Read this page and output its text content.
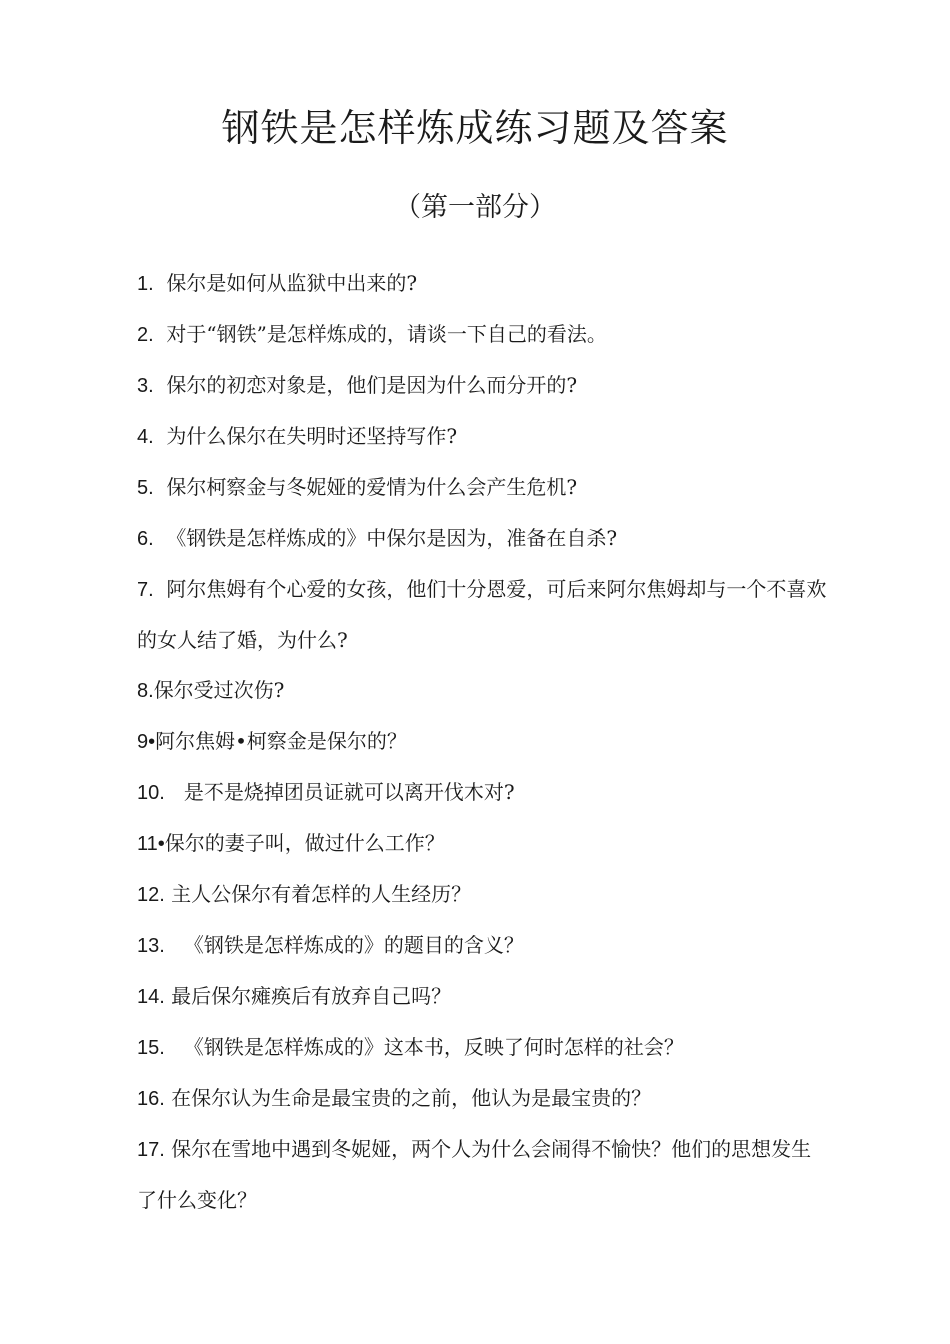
钢铁是怎样炼成练习题及答案
（第一部分）
1. 保尔是如何从监狱中出来的?
2. 对于“钢铁”是怎样炼成的，请谈一下自己的看法。
3. 保尔的初恋对象是，他们是因为什么而分开的?
4. 为什么保尔在失明时还坚持写作?
5. 保尔柯察金与冬妮娅的爱情为什么会产生危机?
6. 《钢铁是怎样炼成的》中保尔是因为，准备在自杀?
7. 阿尔焦姆有个心爱的女孩，他们十分恩爱，可后来阿尔焦姆却与一个不喜欢的女人结了婚，为什么?
8.保尔受过次伤?
9•阿尔焦姆•柯察金是保尔的？
10. 是不是烧掉团员证就可以离开伐木对?
11•保尔的妻子叫，做过什么工作？
12. 主人公保尔有着怎样的人生经历？
13. 《钢铁是怎样炼成的》的题目的含义？
14. 最后保尔瘫痪后有放弃自己吗？
15. 《钢铁是怎样炼成的》这本书，反映了何时怎样的社会？
16. 在保尔认为生命是最宝贵的之前，他认为是最宝贵的？
17. 保尔在雪地中遇到冬妮娅，两个人为什么会闹得不愉快？他们的思想发生了什么变化？
